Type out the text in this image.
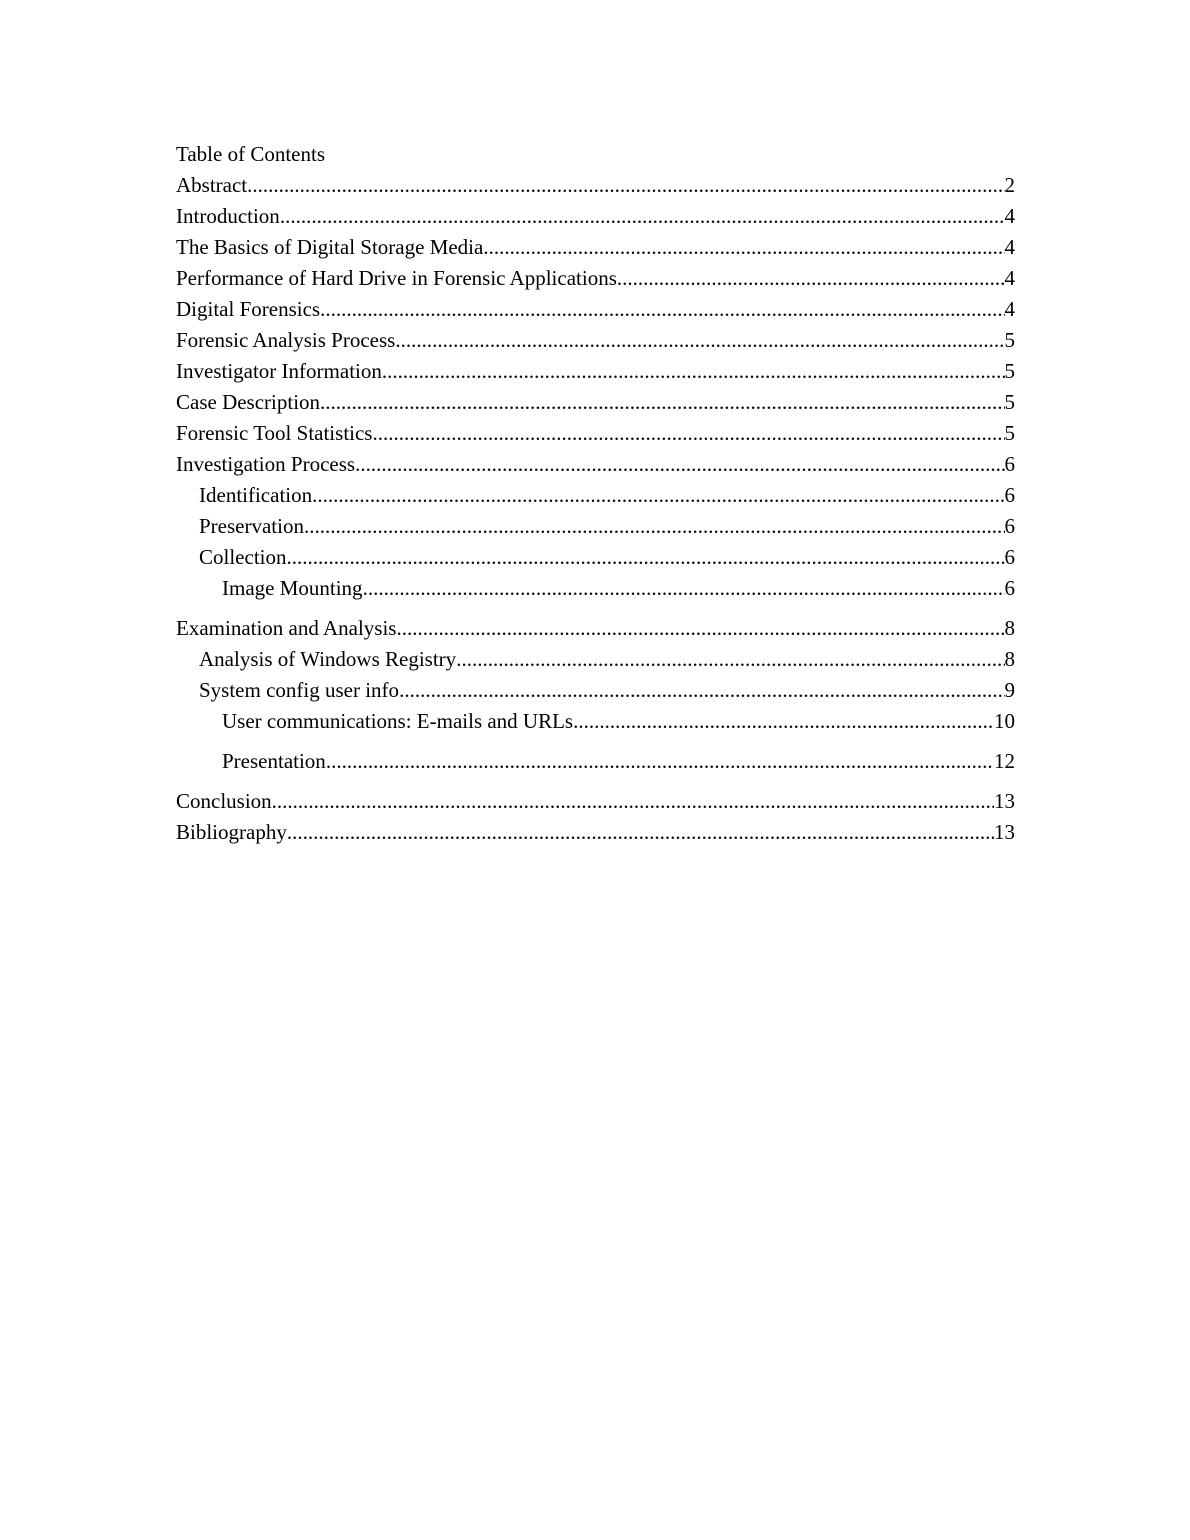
Table of Contents
Abstract .....	2
Introduction .....	4
The Basics of Digital Storage Media .....	4
Performance of Hard Drive in Forensic Applications .....	4
Digital Forensics .....	4
Forensic Analysis Process .....	5
Investigator Information .....	5
Case Description .....	5
Forensic Tool Statistics .....	5
Investigation Process .....	6
Identification .....	6
Preservation .....	6
Collection .....	6
Image Mounting .....	6
Examination and Analysis .....	8
Analysis of Windows Registry .....	8
System config user info .....	9
User communications: E-mails and URLs .....	10
Presentation .....	12
Conclusion .....	13
Bibliography .....	13
